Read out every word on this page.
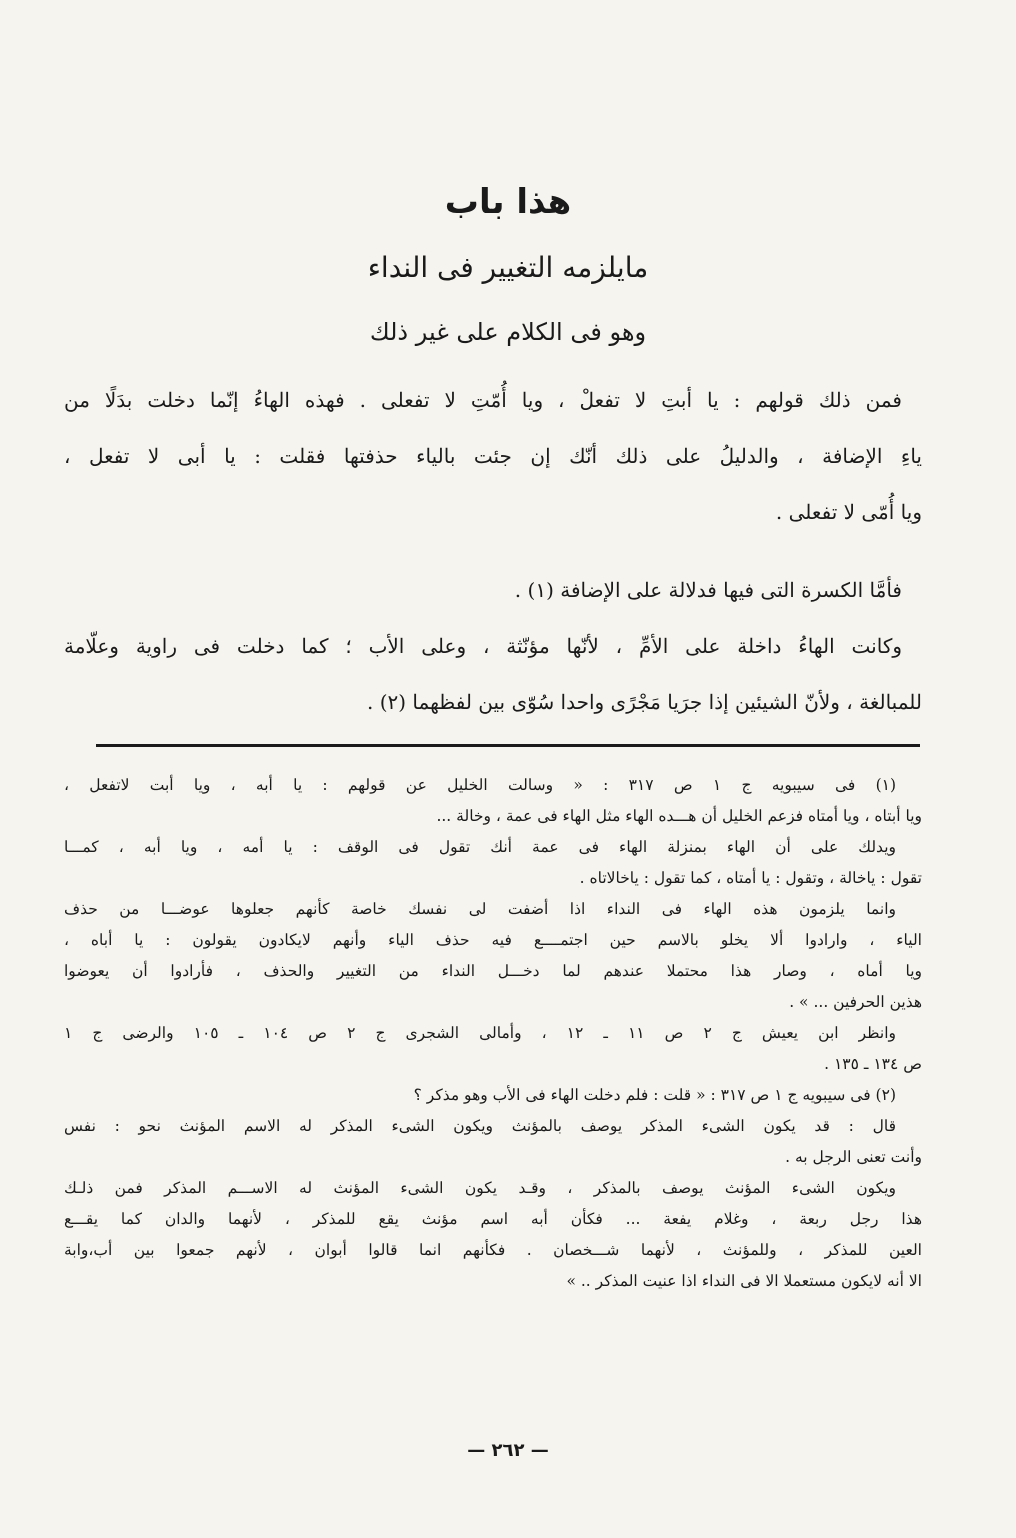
هذا باب
مايلزمه التغيير فى النداء
وهو فى الكلام على غير ذلك

فمن ذلك قولهم : يا أبتِ لا تفعلْ ، ويا أُمّتِ لا تفعلى . فهذه الهاءُ إنّما دخلت بدَلًا من

ياءِ الإضافة ، والدليلُ على ذلك أنّك إن جئت بالياء حذفتها فقلت : يا أبى لا تفعل ،

ويا أُمّى لا تفعلى .

فأمَّا الكسرة التى فيها فدلالة على الإضافة (١) .

وكانت الهاءُ داخلة على الأمِّ ، لأنّها مؤنّثة ، وعلى الأب ؛ كما دخلت فى راوية وعلّامة

للمبالغة ، ولأنّ الشيئين إذا جرَيا مَجْرًى واحدا سُوّى بين لفظهما (٢) .

(١) فى سيبويه ج ١ ص ٣١٧ : « وسالت الخليل عن قولهم : يا أبه ، ويا أبت لاتفعل ،
ويا أبتاه ، ويا أمتاه فزعم الخليل أن هـــده الهاء مثل الهاء فى عمة ، وخالة ...
ويدلك على أن الهاء بمنزلة الهاء فى عمة أنك تقول فى الوقف : يا أمه ، ويا أبه ، كمـــا
تقول : ياخالة ، وتقول : يا أمتاه ، كما تقول : ياخالاتاه .
وانما يلزمون هذه الهاء فى النداء اذا أضفت لى نفسك خاصة كأنهم جعلوها عوضـــا من حذف
الياء ، وارادوا ألا يخلو بالاسم حين اجتمــــع فيه حذف الياء وأنهم لايكادون يقولون : يا أباه ،
ويا أماه ، وصار هذا محتملا عندهم لما دخـــل النداء من التغيير والحذف ، فأرادوا أن يعوضوا
هذين الحرفين ... » .
وانظر ابن يعيش ج ٢ ص ١١ ـ ١٢ ، وأمالى الشجرى ج ٢ ص ١٠٤ ـ ١٠٥ والرضى ج ١
ص ١٣٤ ـ ١٣٥ .
(٢) فى سيبويه ج ١ ص ٣١٧ : « قلت : فلم دخلت الهاء فى الأب وهو مذكر ؟
قال : قد يكون الشىء المذكر يوصف بالمؤنث ويكون الشىء المذكر له الاسم المؤنث نحو : نفس
وأنت تعنى الرجل به .
ويكون الشىء المؤنث يوصف بالمذكر ، وقـد يكون الشىء المؤنث له الاســـم المذكر فمن ذلـك
هذا رجل ربعة ، وغلام يفعة ... فكأن أبه اسم مؤنث يقع للمذكر ، لأنهما والدان كما يقـــع
العين للمذكر ، وللمؤنث ، لأنهما شـــخصان . فكأنهم انما قالوا أبوان ، لأنهم جمعوا بين أب،وابة
الا أنه لايكون مستعملا الا فى النداء اذا عنيت المذكر .. »
— ٢٦٢ —
